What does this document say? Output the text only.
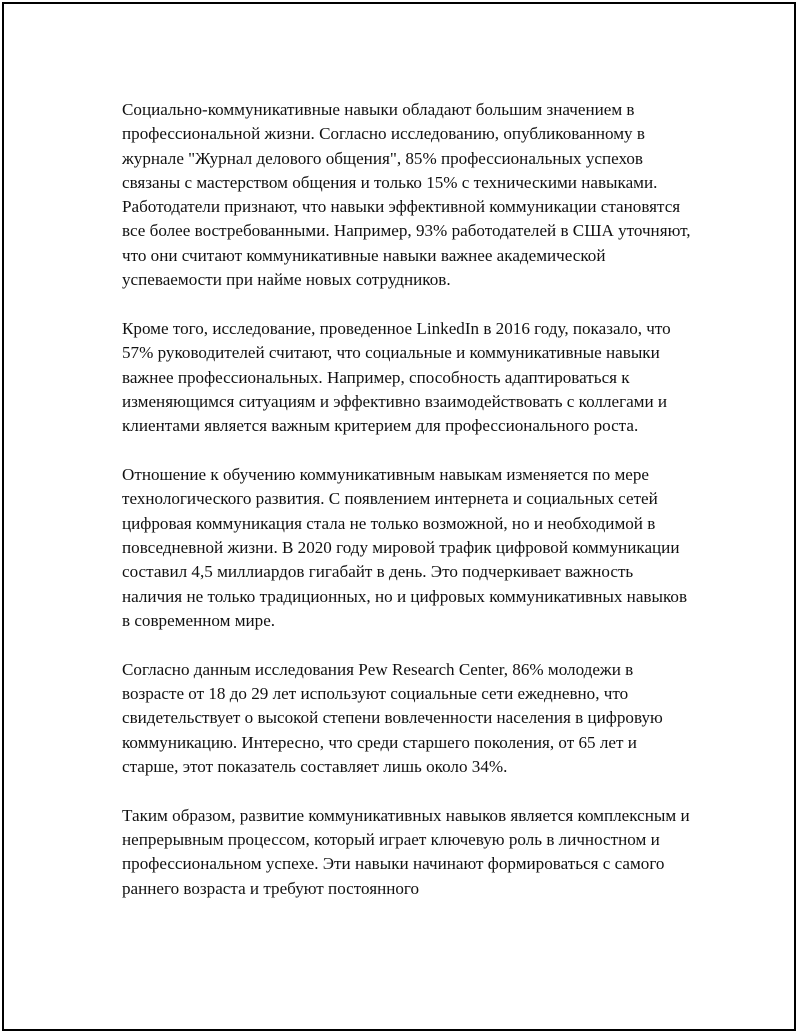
Социально-коммуникативные навыки обладают большим значением в профессиональной жизни. Согласно исследованию, опубликованному в журнале "Журнал делового общения", 85% профессиональных успехов связаны с мастерством общения и только 15% с техническими навыками. Работодатели признают, что навыки эффективной коммуникации становятся все более востребованными. Например, 93% работодателей в США уточняют, что они считают коммуникативные навыки важнее академической успеваемости при найме новых сотрудников.

Кроме того, исследование, проведенное LinkedIn в 2016 году, показало, что 57% руководителей считают, что социальные и коммуникативные навыки важнее профессиональных. Например, способность адаптироваться к изменяющимся ситуациям и эффективно взаимодействовать с коллегами и клиентами является важным критерием для профессионального роста.

Отношение к обучению коммуникативным навыкам изменяется по мере технологического развития. С появлением интернета и социальных сетей цифровая коммуникация стала не только возможной, но и необходимой в повседневной жизни. В 2020 году мировой трафик цифровой коммуникации составил 4,5 миллиардов гигабайт в день. Это подчеркивает важность наличия не только традиционных, но и цифровых коммуникативных навыков в современном мире.

Согласно данным исследования Pew Research Center, 86% молодежи в возрасте от 18 до 29 лет используют социальные сети ежедневно, что свидетельствует о высокой степени вовлеченности населения в цифровую коммуникацию. Интересно, что среди старшего поколения, от 65 лет и старше, этот показатель составляет лишь около 34%.

Таким образом, развитие коммуникативных навыков является комплексным и непрерывным процессом, который играет ключевую роль в личностном и профессиональном успехе. Эти навыки начинают формироваться с самого раннего возраста и требуют постоянного
